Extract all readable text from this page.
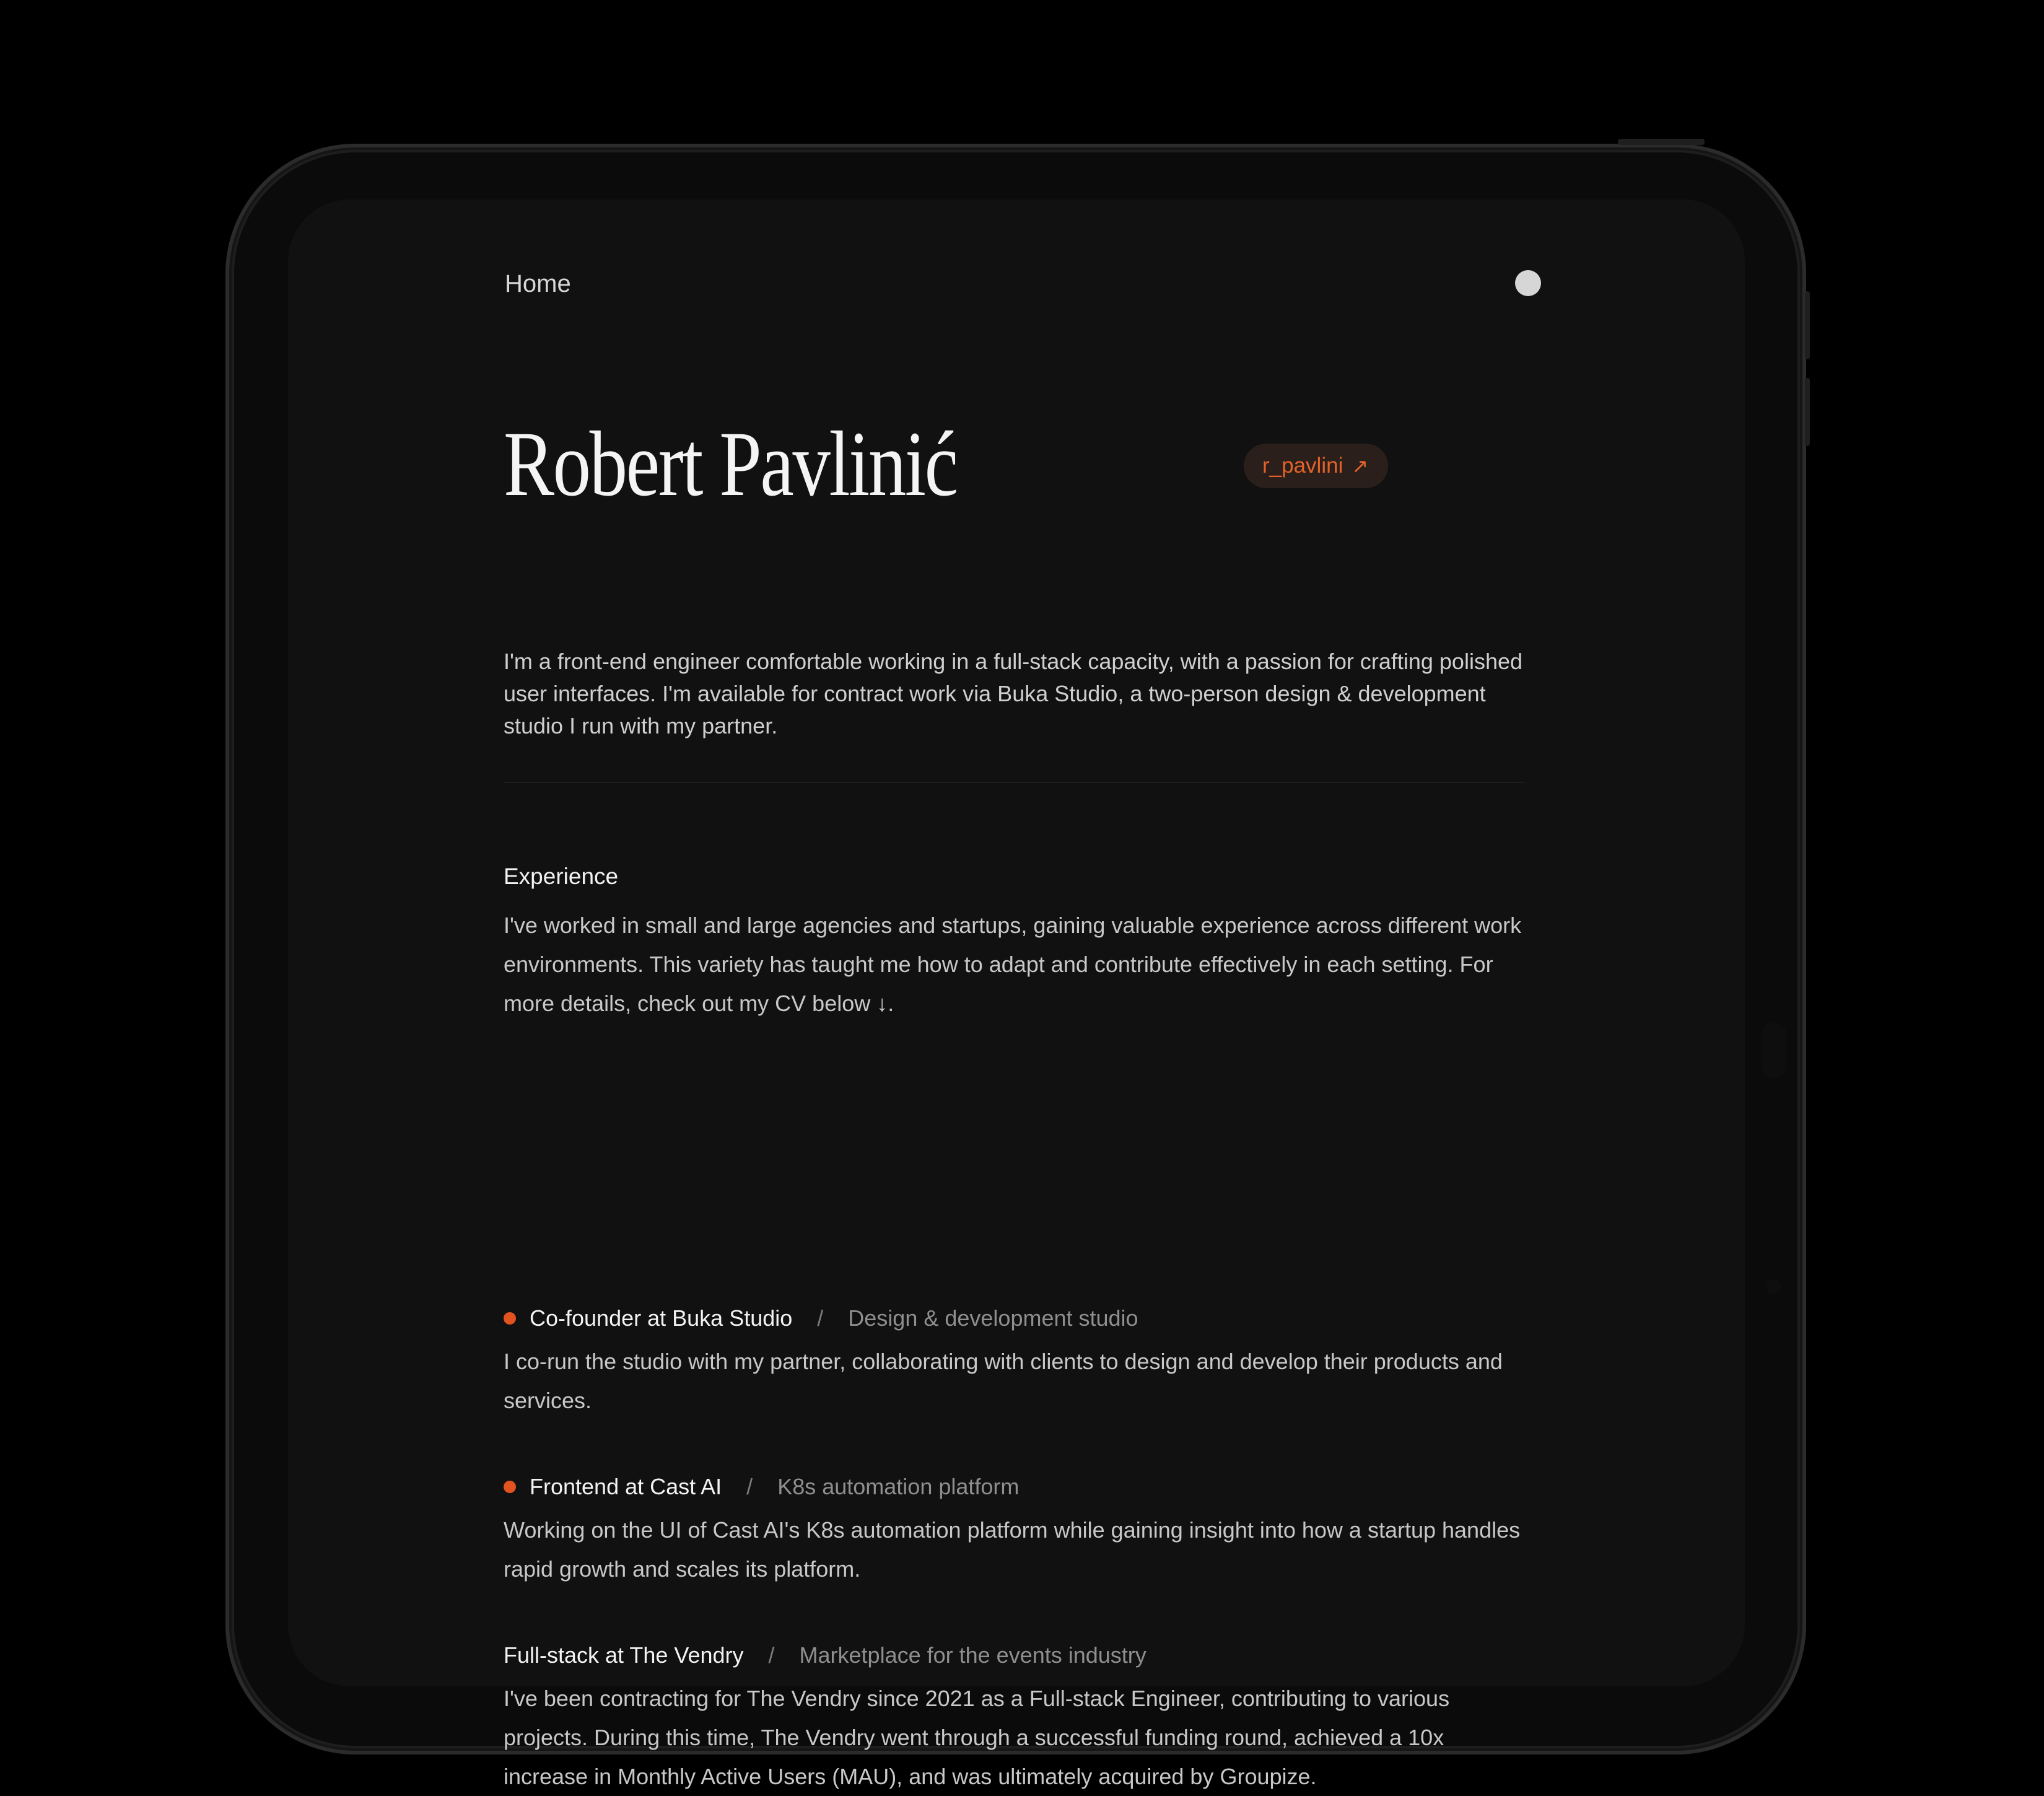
Home
Robert Pavlinić	r_pavlini ↗

I'm a front-end engineer comfortable working in a full-stack capacity, with a passion for crafting polished user interfaces. I'm available for contract work via Buka Studio, a two-person design & development studio I run with my partner.

Experience

I've worked in small and large agencies and startups, gaining valuable experience across different work environments. This variety has taught me how to adapt and contribute effectively in each setting. For more details, check out my CV below ↓.

Co-founder at Buka Studio / Design & development studio

I co-run the studio with my partner, collaborating with clients to design and develop their products and services.

Frontend at Cast AI / K8s automation platform

Working on the UI of Cast AI's K8s automation platform while gaining insight into how a startup handles rapid growth and scales its platform.

Full-stack at The Vendry / Marketplace for the events industry

I've been contracting for The Vendry since 2021 as a Full-stack Engineer, contributing to various projects. During this time, The Vendry went through a successful funding round, achieved a 10x increase in Monthly Active Users (MAU), and was ultimately acquired by Groupize.
